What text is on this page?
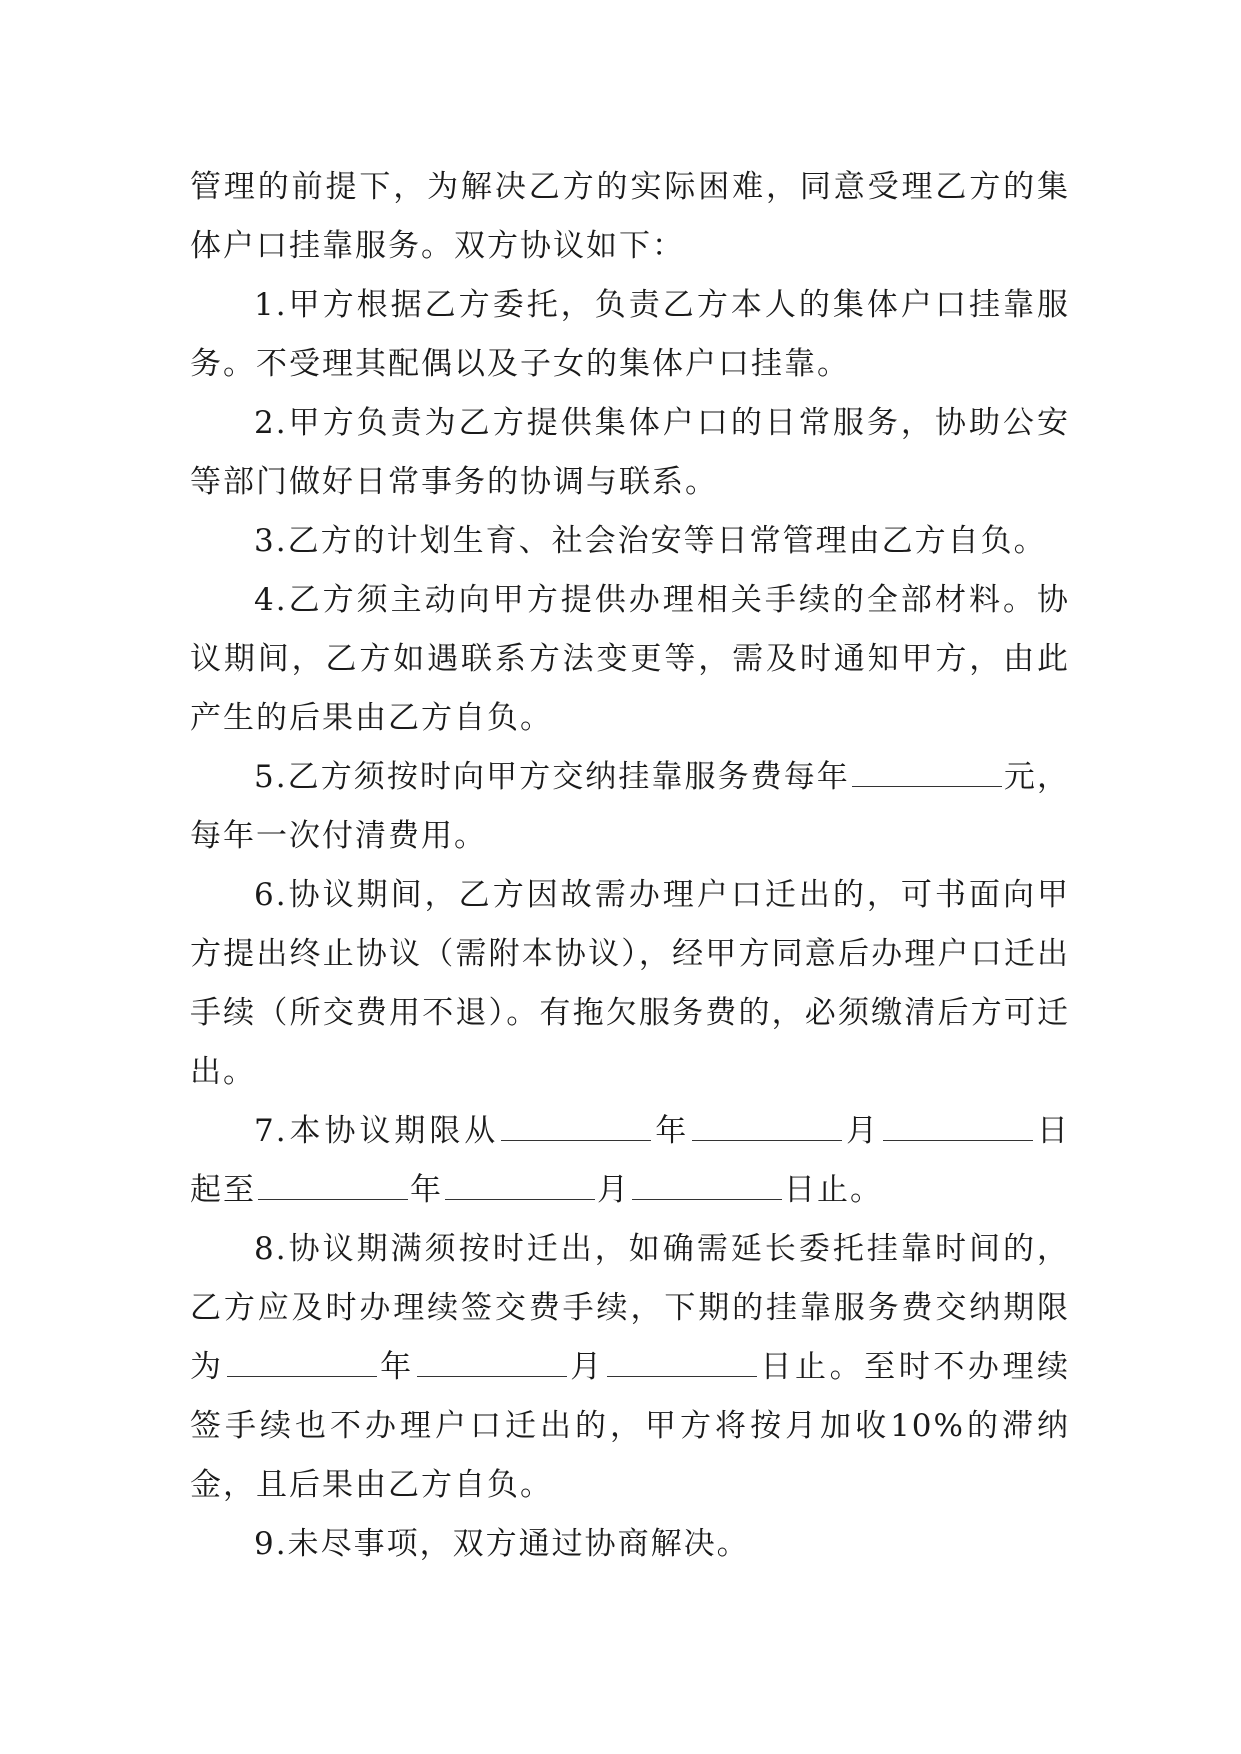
管理的前提下，为解决乙方的实际困难，同意受理乙方的集体户口挂靠服务。双方协议如下：

1.甲方根据乙方委托，负责乙方本人的集体户口挂靠服务。不受理其配偶以及子女的集体户口挂靠。

2.甲方负责为乙方提供集体户口的日常服务，协助公安等部门做好日常事务的协调与联系。

3.乙方的计划生育、社会治安等日常管理由乙方自负。

4.乙方须主动向甲方提供办理相关手续的全部材料。协议期间，乙方如遇联系方法变更等，需及时通知甲方，由此产生的后果由乙方自负。

5.乙方须按时向甲方交纳挂靠服务费每年	元，每年一次付清费用。

6.协议期间，乙方因故需办理户口迁出的，可书面向甲方提出终止协议（需附本协议），经甲方同意后办理户口迁出手续（所交费用不退）。有拖欠服务费的，必须缴清后方可迁出。

7.本协议期限从	年	月	日起至	年	月	日止。

8.协议期满须按时迁出，如确需延长委托挂靠时间的，乙方应及时办理续签交费手续，下期的挂靠服务费交纳期限为	年	月	日止。至时不办理续签手续也不办理户口迁出的，甲方将按月加收10%的滞纳金，且后果由乙方自负。

9.未尽事项，双方通过协商解决。
